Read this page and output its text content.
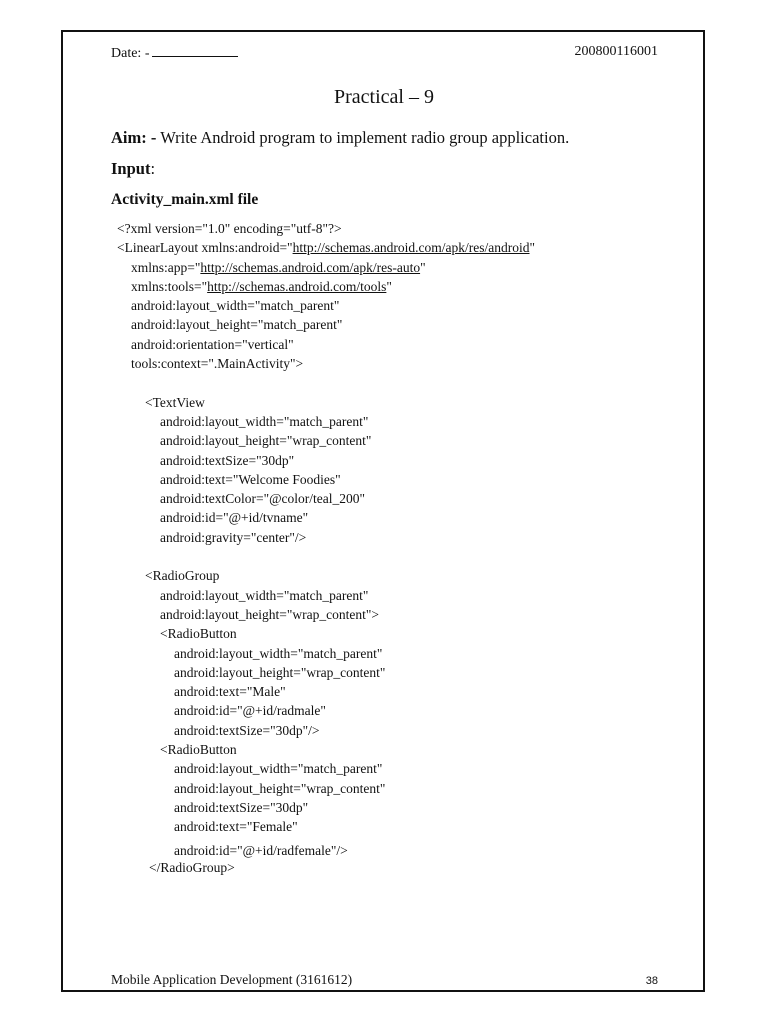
Date: -	200800116001
Practical – 9
Aim: - Write Android program to implement radio group application.
Input:
Activity_main.xml file
<?xml version="1.0" encoding="utf-8"?>
<LinearLayout xmlns:android="http://schemas.android.com/apk/res/android"
xmlns:app="http://schemas.android.com/apk/res-auto"
xmlns:tools="http://schemas.android.com/tools"
android:layout_width="match_parent"
android:layout_height="match_parent"
android:orientation="vertical"
tools:context=".MainActivity">
<TextView
android:layout_width="match_parent"
android:layout_height="wrap_content"
android:textSize="30dp"
android:text="Welcome Foodies"
android:textColor="@color/teal_200"
android:id="@+id/tvname"
android:gravity="center"/>
<RadioGroup
android:layout_width="match_parent"
android:layout_height="wrap_content">
<RadioButton
android:layout_width="match_parent"
android:layout_height="wrap_content"
android:text="Male"
android:id="@+id/radmale"
android:textSize="30dp"/>
<RadioButton
android:layout_width="match_parent"
android:layout_height="wrap_content"
android:textSize="30dp"
android:text="Female"
android:id="@+id/radfemale"/>
</RadioGroup>
Mobile Application Development (3161612)	38
